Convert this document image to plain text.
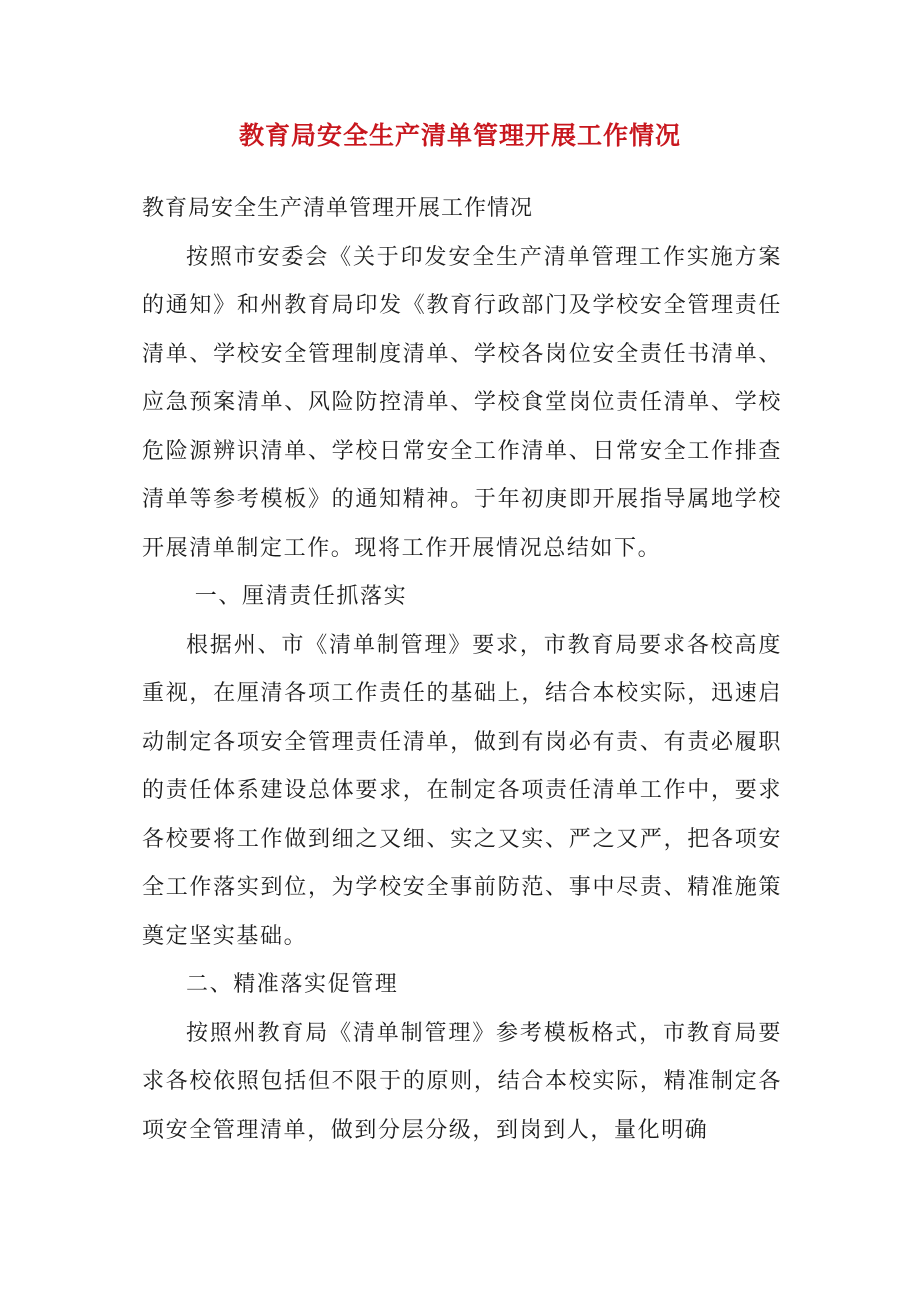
教育局安全生产清单管理开展工作情况

教育局安全生产清单管理开展工作情况

按照市安委会《关于印发安全生产清单管理工作实施方案的通知》和州教育局印发《教育行政部门及学校安全管理责任清单、学校安全管理制度清单、学校各岗位安全责任书清单、应急预案清单、风险防控清单、学校食堂岗位责任清单、学校危险源辨识清单、学校日常安全工作清单、日常安全工作排查清单等参考模板》的通知精神。于年初庚即开展指导属地学校开展清单制定工作。现将工作开展情况总结如下。

一、厘清责任抓落实

根据州、市《清单制管理》要求，市教育局要求各校高度重视，在厘清各项工作责任的基础上，结合本校实际，迅速启动制定各项安全管理责任清单，做到有岗必有责、有责必履职的责任体系建设总体要求，在制定各项责任清单工作中，要求各校要将工作做到细之又细、实之又实、严之又严，把各项安全工作落实到位，为学校安全事前防范、事中尽责、精准施策奠定坚实基础。

二、精准落实促管理

按照州教育局《清单制管理》参考模板格式，市教育局要求各校依照包括但不限于的原则，结合本校实际，精准制定各项安全管理清单，做到分层分级，到岗到人，量化明确
